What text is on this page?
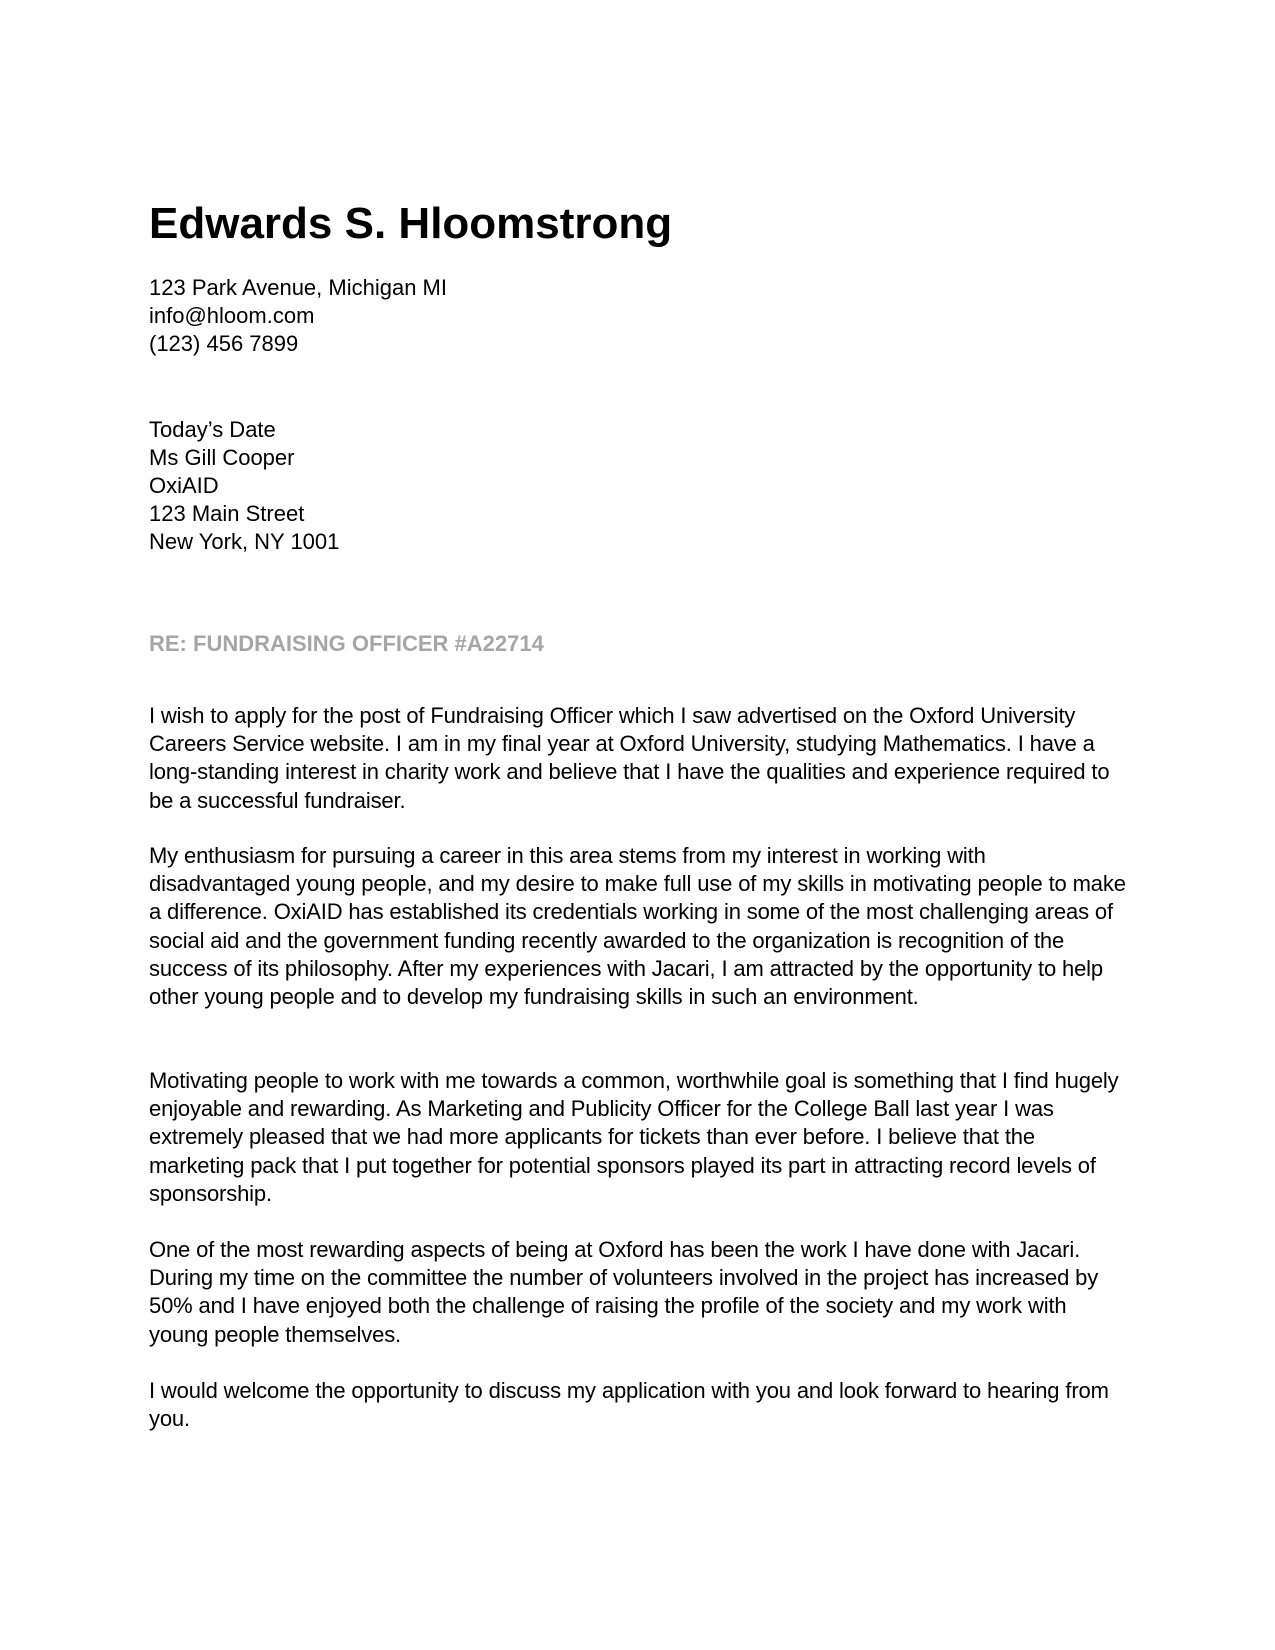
Edwards S. Hloomstrong
123 Park Avenue, Michigan MI
info@hloom.com
(123) 456 7899
Today’s Date
Ms Gill Cooper
OxiAID
123 Main Street
New York, NY 1001

RE: FUNDRAISING OFFICER #A22714

I wish to apply for the post of Fundraising Officer which I saw advertised on the Oxford University Careers Service website. I am in my final year at Oxford University, studying Mathematics. I have a long-standing interest in charity work and believe that I have the qualities and experience required to be a successful fundraiser.

My enthusiasm for pursuing a career in this area stems from my interest in working with disadvantaged young people, and my desire to make full use of my skills in motivating people to make a difference. OxiAID has established its credentials working in some of the most challenging areas of social aid and the government funding recently awarded to the organization is recognition of the success of its philosophy. After my experiences with Jacari, I am attracted by the opportunity to help other young people and to develop my fundraising skills in such an environment.

Motivating people to work with me towards a common, worthwhile goal is something that I find hugely enjoyable and rewarding. As Marketing and Publicity Officer for the College Ball last year I was extremely pleased that we had more applicants for tickets than ever before. I believe that the marketing pack that I put together for potential sponsors played its part in attracting record levels of sponsorship.

One of the most rewarding aspects of being at Oxford has been the work I have done with Jacari. During my time on the committee the number of volunteers involved in the project has increased by 50% and I have enjoyed both the challenge of raising the profile of the society and my work with young people themselves.

I would welcome the opportunity to discuss my application with you and look forward to hearing from you.
